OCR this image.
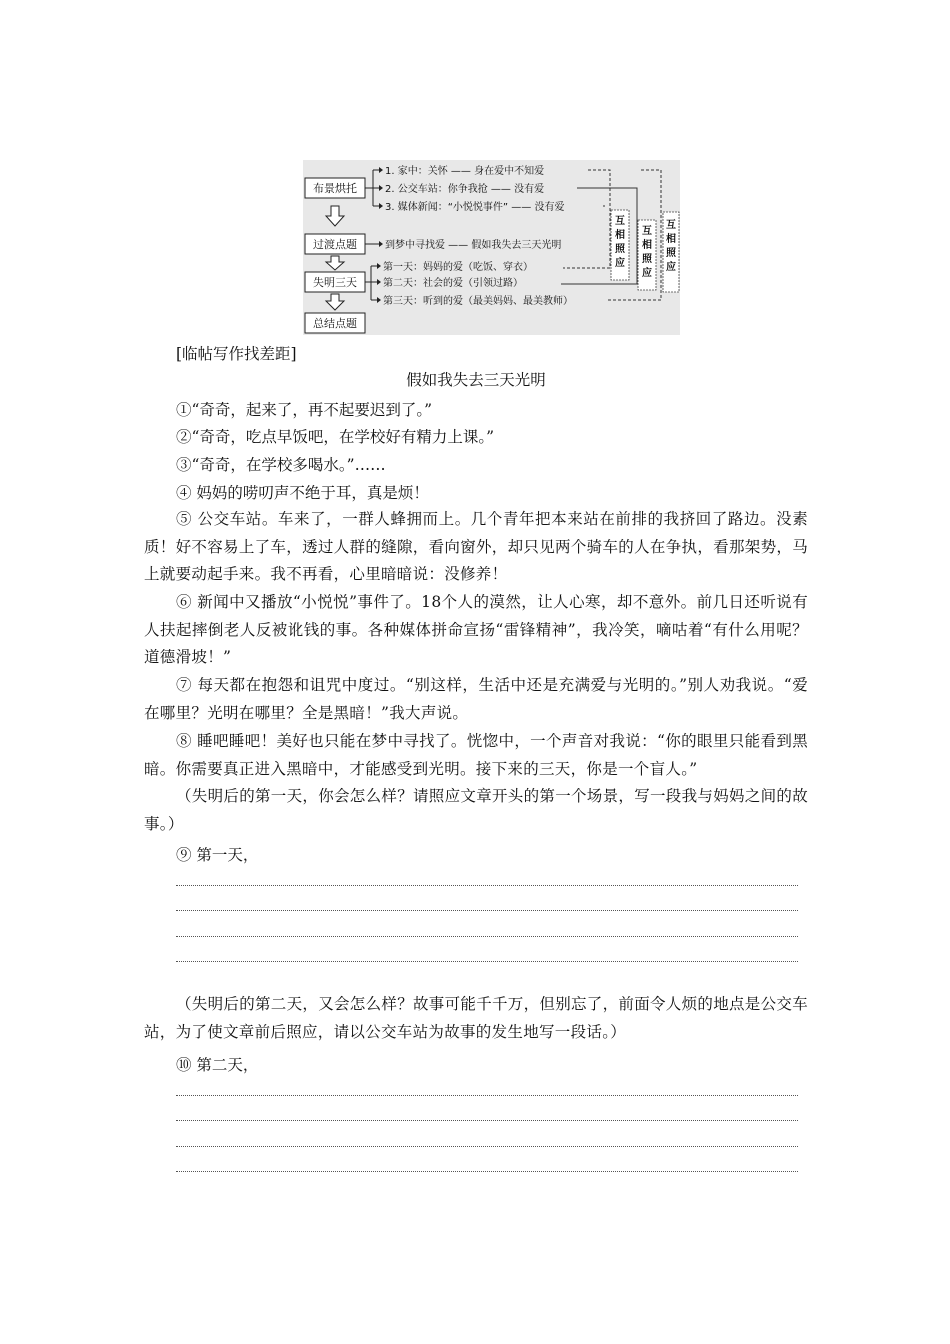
布景烘托
过渡点题
失明三天
总结点题
1. 家中：关怀 —— 身在爱中不知爱
2. 公交车站：你争我抢 —— 没有爱
3. 媒体新闻：“小悦悦事件” —— 没有爱
到梦中寻找爱 —— 假如我失去三天光明
第一天：妈妈的爱（吃饭、穿衣）
第二天：社会的爱（引领过路）
第三天：听到的爱（最美妈妈、最美教师）
互相照应
互相照应
互相照应
[临帖写作找差距]
假如我失去三天光明
①“奇奇，起来了，再不起要迟到了。”
②“奇奇，吃点早饭吧，在学校好有精力上课。”
③“奇奇，在学校多喝水。”……
④ 妈妈的唠叨声不绝于耳，真是烦！
⑤ 公交车站。车来了，一群人蜂拥而上。几个青年把本来站在前排的我挤回了路边。没素质！好不容易上了车，透过人群的缝隙，看向窗外，却只见两个骑车的人在争执，看那架势，马上就要动起手来。我不再看，心里暗暗说：没修养！
⑥ 新闻中又播放“小悦悦”事件了。18个人的漠然，让人心寒，却不意外。前几日还听说有人扶起摔倒老人反被讹钱的事。各种媒体拼命宣扬“雷锋精神”，我冷笑，嘀咕着“有什么用呢？道德滑坡！”
⑦ 每天都在抱怨和诅咒中度过。“别这样，生活中还是充满爱与光明的。”别人劝我说。“爱在哪里？光明在哪里？全是黑暗！”我大声说。
⑧ 睡吧睡吧！美好也只能在梦中寻找了。恍惚中，一个声音对我说：“你的眼里只能看到黑暗。你需要真正进入黑暗中，才能感受到光明。接下来的三天，你是一个盲人。”
（失明后的第一天，你会怎么样？请照应文章开头的第一个场景，写一段我与妈妈之间的故事。）
⑨ 第一天，
（失明后的第二天，又会怎么样？故事可能千千万，但别忘了，前面令人烦的地点是公交车站，为了使文章前后照应，请以公交车站为故事的发生地写一段话。）
⑩ 第二天，
